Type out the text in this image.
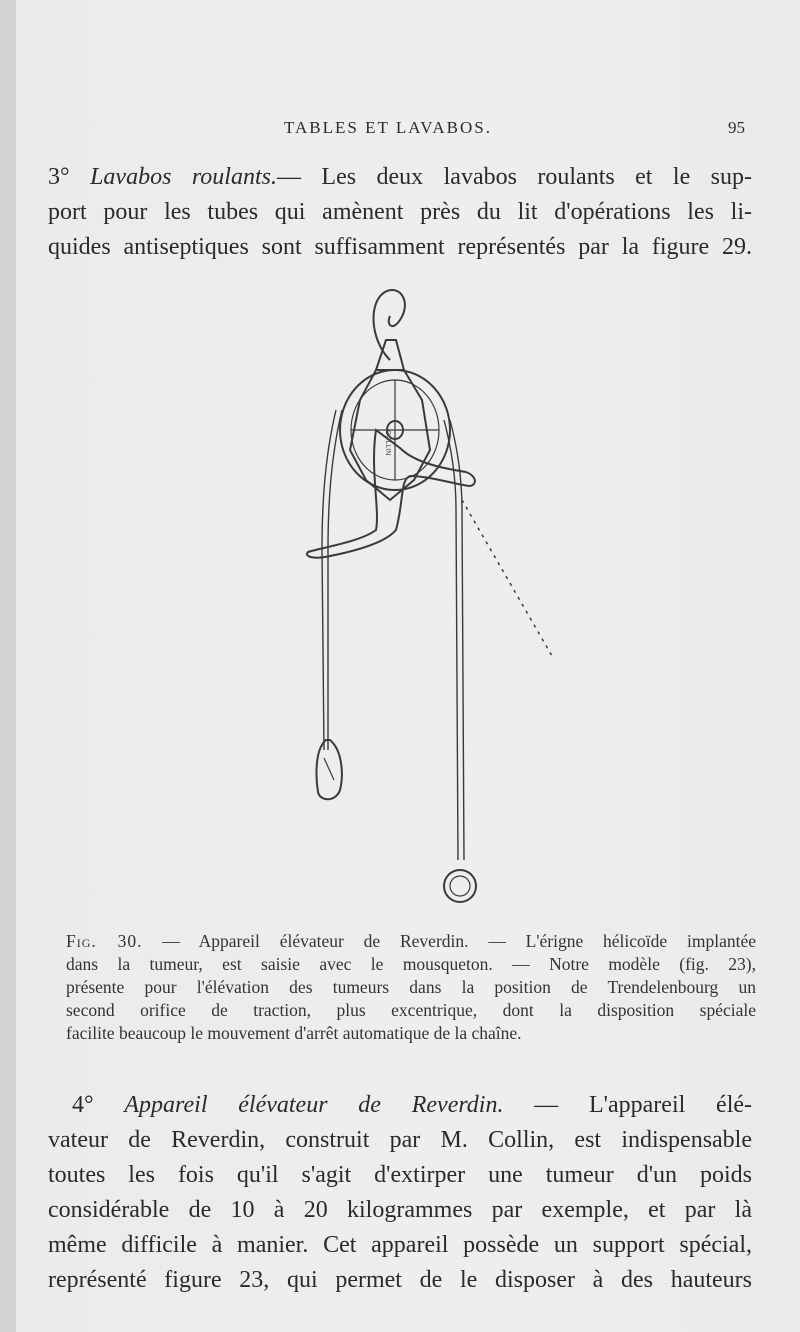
TABLES ET LAVABOS.	95
3° Lavabos roulants.— Les deux lavabos roulants et le sup-
port pour les tubes qui amènent près du lit d'opérations les li-
quides antiseptiques sont suffisamment représentés par la figure 29.
COLLIN
Fig. 30. — Appareil élévateur de Reverdin. — L'érigne hélicoïde implantée
dans la tumeur, est saisie avec le mousqueton. — Notre modèle (fig. 23),
présente pour l'élévation des tumeurs dans la position de Trendelenbourg un
second orifice de traction, plus excentrique, dont la disposition spéciale
facilite beaucoup le mouvement d'arrêt automatique de la chaîne.
 4° Appareil élévateur de Reverdin. — L'appareil élé-
vateur de Reverdin, construit par M. Collin, est indispensable
toutes les fois qu'il s'agit d'extirper une tumeur d'un poids
considérable de 10 à 20 kilogrammes par exemple, et par là
même difficile à manier. Cet appareil possède un support spécial,
représenté figure 23, qui permet de le disposer à des hauteurs
